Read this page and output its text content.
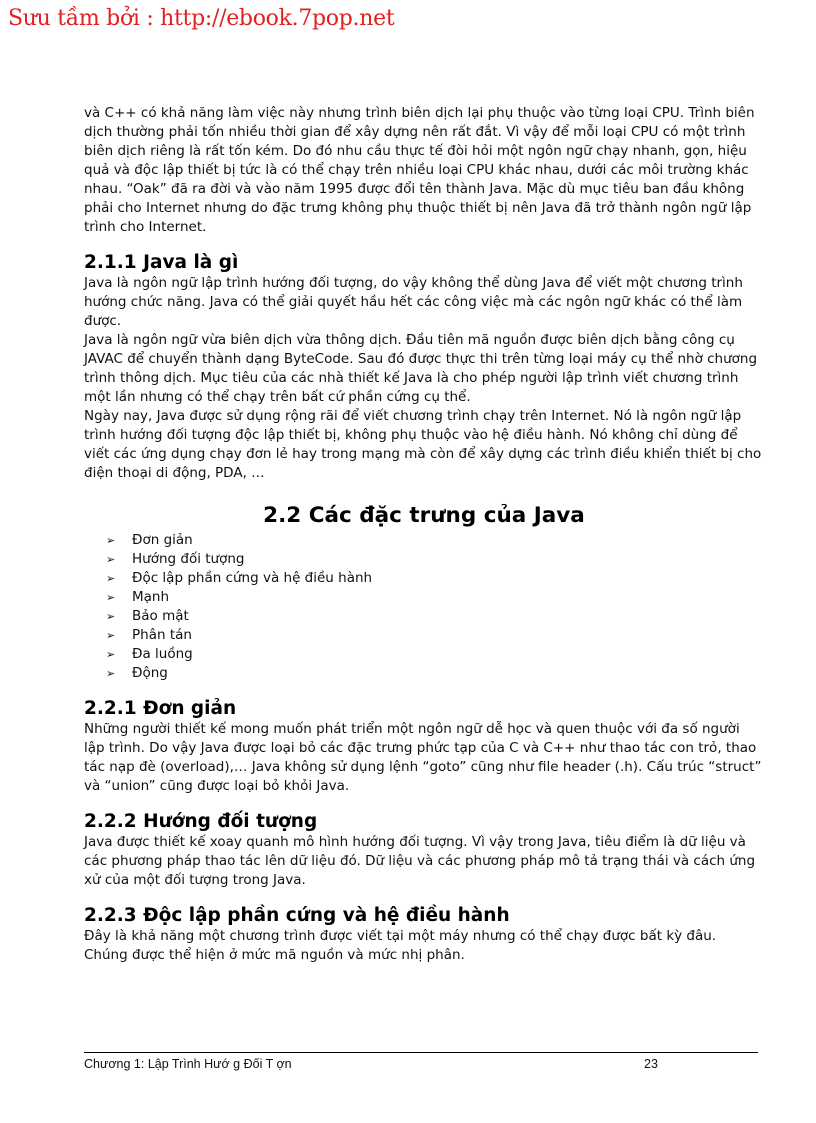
Sưu tầm bởi : http://ebook.7pop.net

và C++ có khả năng làm việc này nhưng trình biên dịch lại phụ thuộc vào từng loại CPU. Trình biên dịch thường phải tốn nhiều thời gian để xây dựng nên rất đắt. Vì vậy để mỗi loại CPU có một trình biên dịch riêng là rất tốn kém. Do đó nhu cầu thực tế đòi hỏi một ngôn ngữ chạy nhanh, gọn, hiệu quả và độc lập thiết bị tức là có thể chạy trên nhiều loại CPU khác nhau, dưới các môi trường khác nhau. “Oak” đã ra đời và vào năm 1995 được đổi tên thành Java. Mặc dù mục tiêu ban đầu không phải cho Internet nhưng do đặc trưng không phụ thuộc thiết bị nên Java đã trở thành ngôn ngữ lập trình cho Internet.

2.1.1 Java là gì

Java là ngôn ngữ lập trình hướng đối tượng, do vậy không thể dùng Java để viết một chương trình hướng chức năng. Java có thể giải quyết hầu hết các công việc mà các ngôn ngữ khác có thể làm được.

Java là ngôn ngữ vừa biên dịch vừa thông dịch. Đầu tiên mã nguồn được biên dịch bằng công cụ JAVAC để chuyển thành dạng ByteCode. Sau đó được thực thi trên từng loại máy cụ thể nhờ chương trình thông dịch. Mục tiêu của các nhà thiết kế Java là cho phép người lập trình viết chương trình một lần nhưng có thể chạy trên bất cứ phần cứng cụ thể.

Ngày nay, Java được sử dụng rộng rãi để viết chương trình chạy trên Internet. Nó là ngôn ngữ lập trình hướng đối tượng độc lập thiết bị, không phụ thuộc vào hệ điều hành. Nó không chỉ dùng để viết các ứng dụng chạy đơn lẻ hay trong mạng mà còn để xây dựng các trình điều khiển thiết bị cho điện thoại di động, PDA, …

2.2 Các đặc trưng của Java
➢	Đơn giản
➢	Hướng đối tượng
➢	Độc lập phần cứng và hệ điều hành
➢	Mạnh
➢	Bảo mật
➢	Phân tán
➢	Đa luồng
➢	Động
2.2.1 Đơn giản

Những người thiết kế mong muốn phát triển một ngôn ngữ dễ học và quen thuộc với đa số người lập trình. Do vậy Java được loại bỏ các đặc trưng phức tạp của C và C++ như thao tác con trỏ, thao tác nạp đè (overload),… Java không sử dụng lệnh “goto” cũng như file header (.h). Cấu trúc “struct” và “union” cũng được loại bỏ khỏi Java.

2.2.2 Hướng đối tượng

Java được thiết kế xoay quanh mô hình hướng đối tượng. Vì vậy trong Java, tiêu điểm là dữ liệu và các phương pháp thao tác lên dữ liệu đó. Dữ liệu và các phương pháp mô tả trạng thái và cách ứng xử của một đối tượng trong Java.

2.2.3 Độc lập phần cứng và hệ điều hành

Đây là khả năng một chương trình được viết tại một máy nhưng có thể chạy được bất kỳ đâu. Chúng được thể hiện ở mức mã nguồn và mức nhị phân.

Chương 1: Lập Trình Hướ g Đối T ợn	23
